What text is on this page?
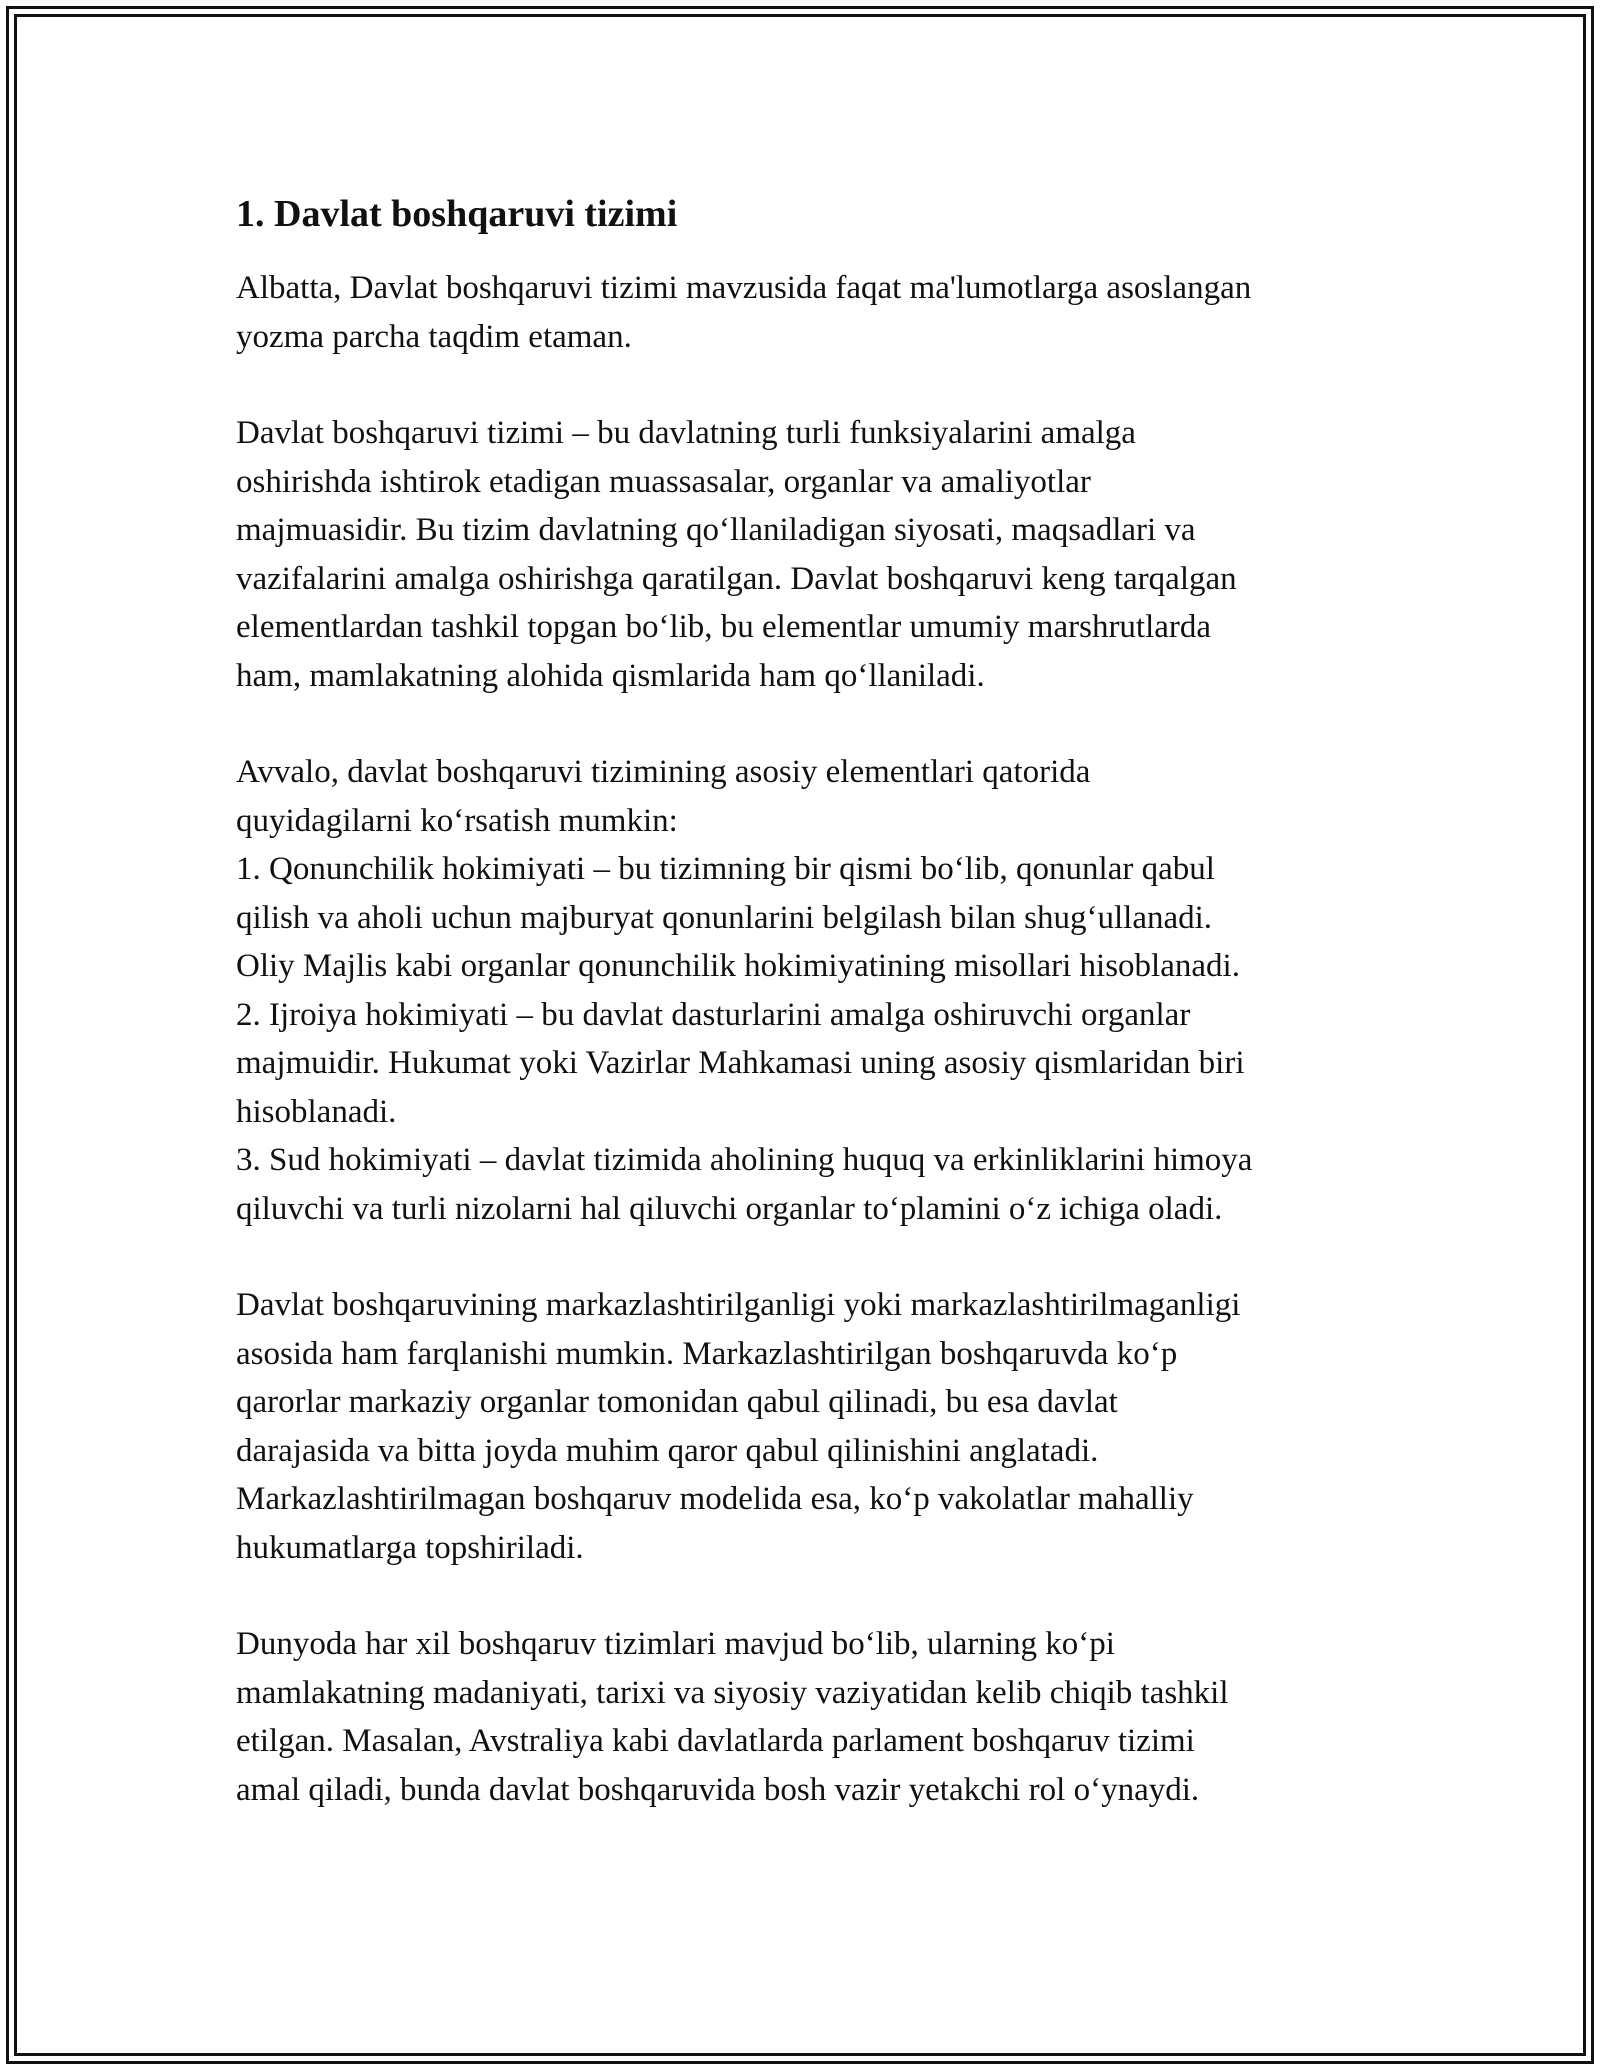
1. Davlat boshqaruvi tizimi

Albatta, Davlat boshqaruvi tizimi mavzusida faqat ma'lumotlarga asoslangan
yozma parcha taqdim etaman.

Davlat boshqaruvi tizimi – bu davlatning turli funksiyalarini amalga
oshirishda ishtirok etadigan muassasalar, organlar va amaliyotlar
majmuasidir. Bu tizim davlatning qo‘llaniladigan siyosati, maqsadlari va
vazifalarini amalga oshirishga qaratilgan. Davlat boshqaruvi keng tarqalgan
elementlardan tashkil topgan bo‘lib, bu elementlar umumiy marshrutlarda
ham, mamlakatning alohida qismlarida ham qo‘llaniladi.

Avvalo, davlat boshqaruvi tizimining asosiy elementlari qatorida
quyidagilarni ko‘rsatish mumkin:
1. Qonunchilik hokimiyati – bu tizimning bir qismi bo‘lib, qonunlar qabul
qilish va aholi uchun majburyat qonunlarini belgilash bilan shug‘ullanadi.
Oliy Majlis kabi organlar qonunchilik hokimiyatining misollari hisoblanadi.
2. Ijroiya hokimiyati – bu davlat dasturlarini amalga oshiruvchi organlar
majmuidir. Hukumat yoki Vazirlar Mahkamasi uning asosiy qismlaridan biri
hisoblanadi.
3. Sud hokimiyati – davlat tizimida aholining huquq va erkinliklarini himoya
qiluvchi va turli nizolarni hal qiluvchi organlar to‘plamini o‘z ichiga oladi.

Davlat boshqaruvining markazlashtirilganligi yoki markazlashtirilmaganligi
asosida ham farqlanishi mumkin. Markazlashtirilgan boshqaruvda ko‘p
qarorlar markaziy organlar tomonidan qabul qilinadi, bu esa davlat
darajasida va bitta joyda muhim qaror qabul qilinishini anglatadi.
Markazlashtirilmagan boshqaruv modelida esa, ko‘p vakolatlar mahalliy
hukumatlarga topshiriladi.

Dunyoda har xil boshqaruv tizimlari mavjud bo‘lib, ularning ko‘pi
mamlakatning madaniyati, tarixi va siyosiy vaziyatidan kelib chiqib tashkil
etilgan. Masalan, Avstraliya kabi davlatlarda parlament boshqaruv tizimi
amal qiladi, bunda davlat boshqaruvida bosh vazir yetakchi rol o‘ynaydi.
